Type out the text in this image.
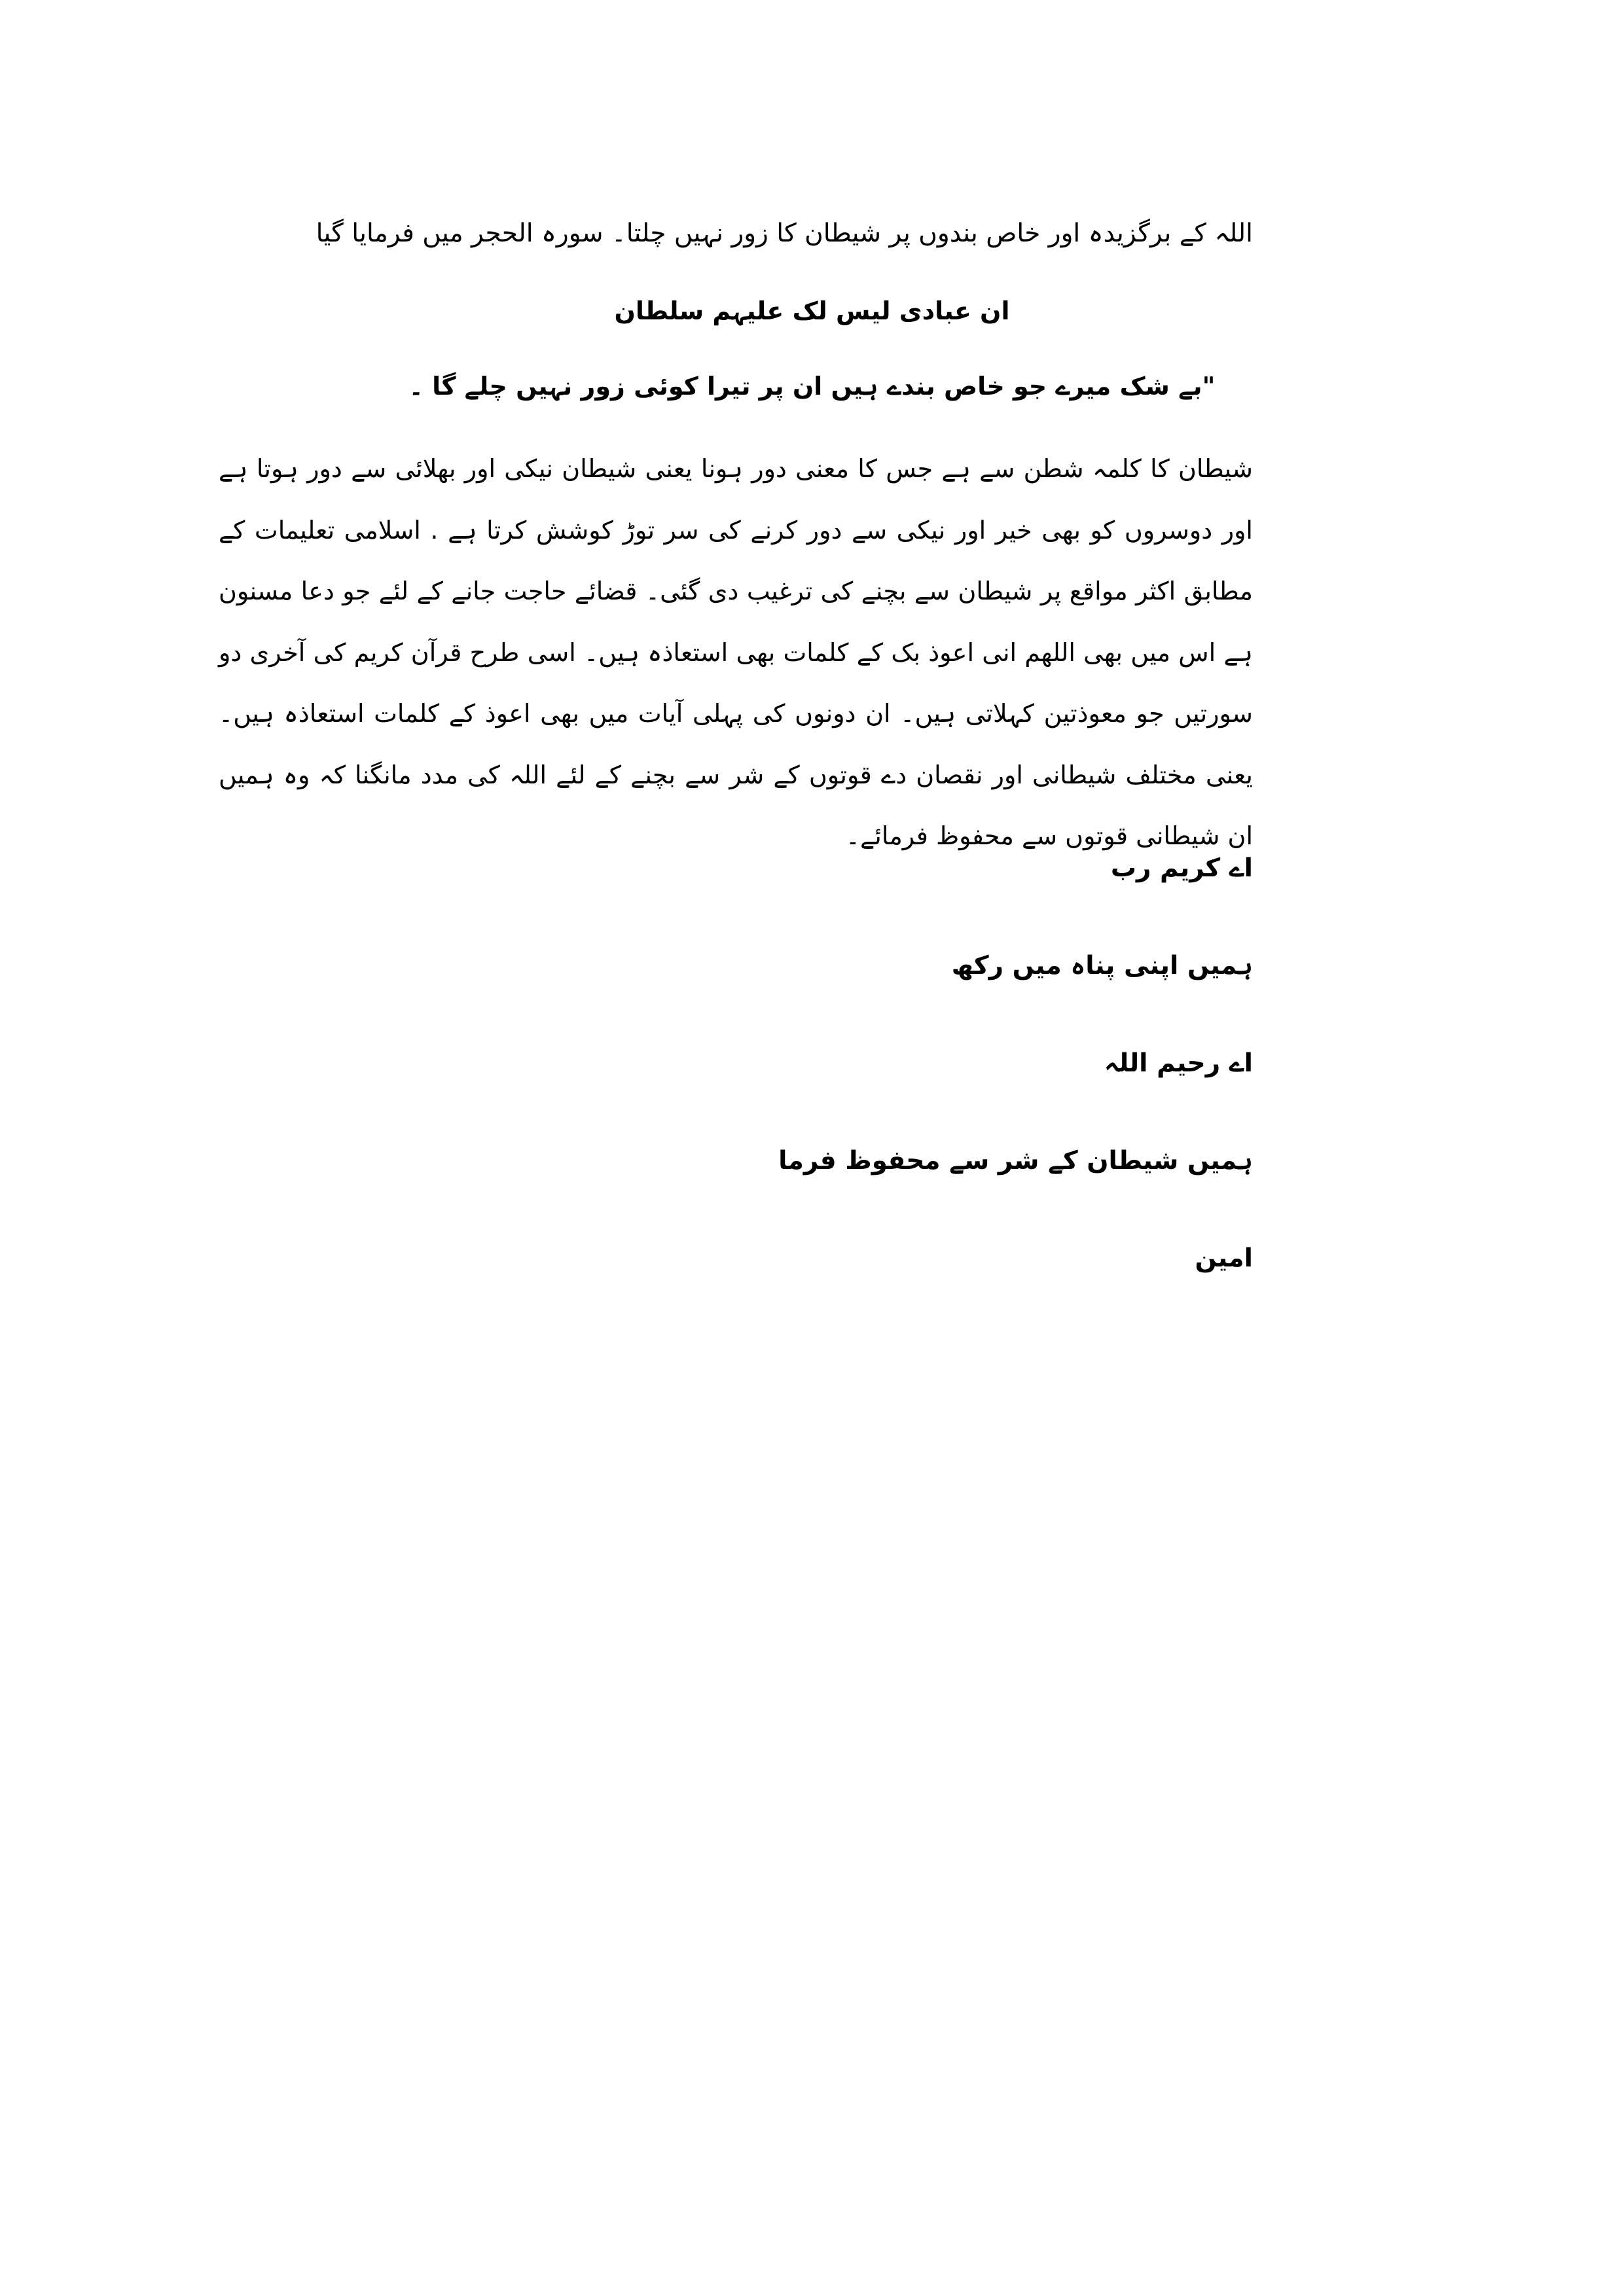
اللہ کے برگزیدہ اور خاص بندوں پر شیطان کا زور نہیں چلتا۔ سورہ الحجر میں فرمایا گیا
ان عبادی لیس لک علیہم سلطان
"بے شک میرے جو خاص بندے ہیں ان پر تیرا کوئی زور نہیں چلے گا ۔
شیطان کا کلمہ شطن سے ہے جس کا معنی دور ہونا یعنی شیطان نیکی اور بھلائی سے دور ہوتا ہے اور دوسروں کو بھی خیر اور نیکی سے دور کرنے کی سر توڑ کوشش کرتا ہے . اسلامی تعلیمات کے مطابق اکثر مواقع پر شیطان سے بچنے کی ترغیب دی گئی۔ قضائے حاجت جانے کے لئے جو دعا مسنون ہے اس میں بھی اللھم انی اعوذ بک کے کلمات بھی استعاذہ ہیں۔ اسی طرح قرآن کریم کی آخری دو سورتیں جو معوذتین کہلاتی ہیں۔ ان دونوں کی پہلی آیات میں بھی اعوذ کے کلمات استعاذہ ہیں۔ یعنی مختلف شیطانی اور نقصان دے قوتوں کے شر سے بچنے کے لئے اللہ کی مدد مانگنا کہ وہ ہمیں ان شیطانی قوتوں سے محفوظ فرمائے۔
اے کریم رب
ہمیں اپنی پناہ میں رکھ
اے رحیم اللہ
ہمیں شیطان کے شر سے محفوظ فرما
امین
